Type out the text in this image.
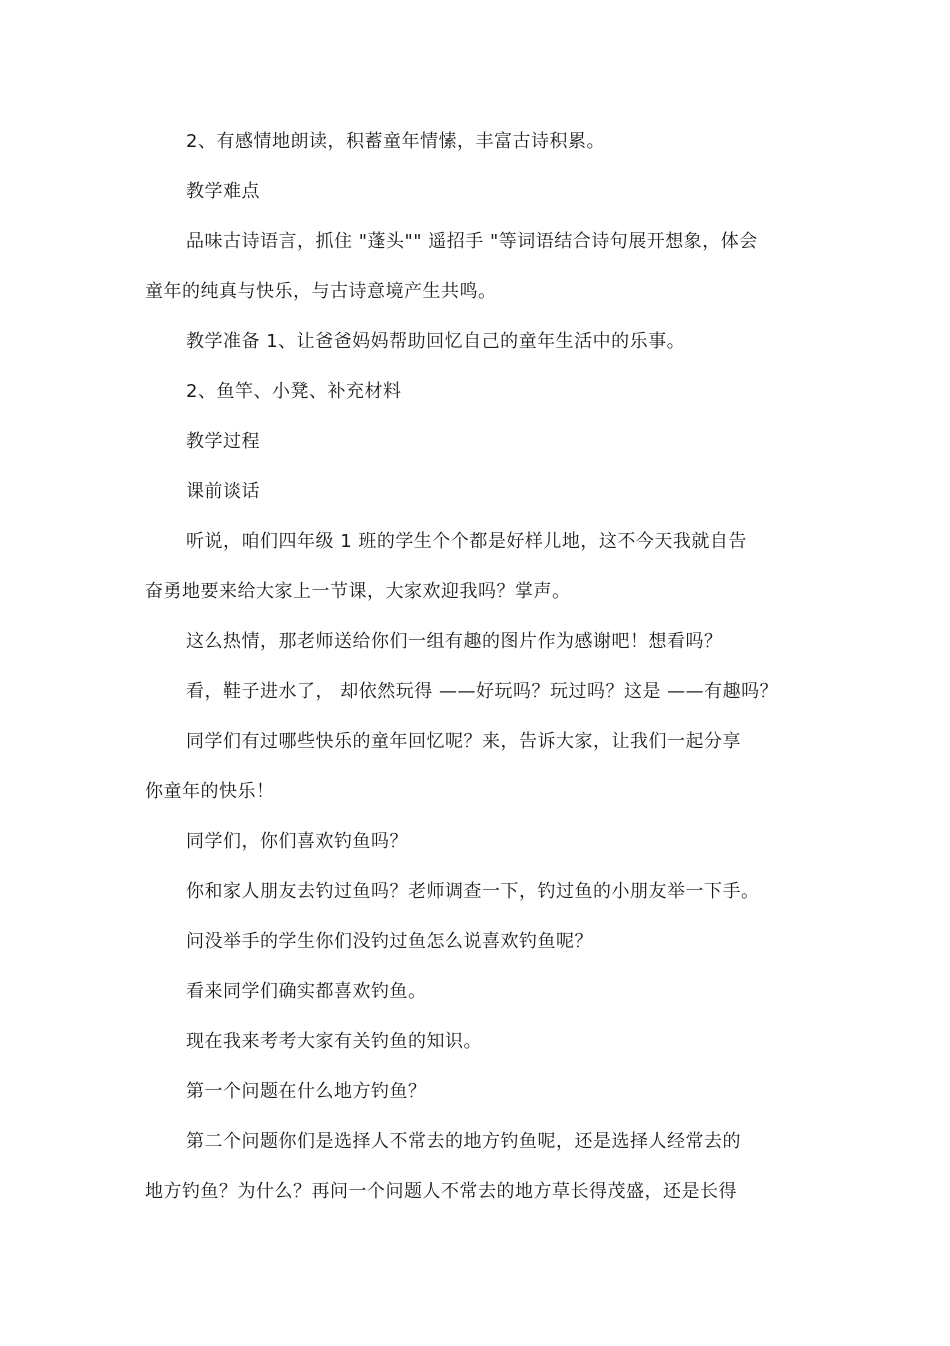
2、有感情地朗读，积蓄童年情愫，丰富古诗积累。
教学难点
品味古诗语言，抓住 "蓬头"" 遥招手 "等词语结合诗句展开想象，体会
童年的纯真与快乐，与古诗意境产生共鸣。
教学准备 1、让爸爸妈妈帮助回忆自己的童年生活中的乐事。
2、鱼竿、小凳、补充材料
教学过程
课前谈话
听说，咱们四年级 1 班的学生个个都是好样儿地，这不今天我就自告
奋勇地要来给大家上一节课，大家欢迎我吗？掌声。
这么热情，那老师送给你们一组有趣的图片作为感谢吧！想看吗？
看，鞋子进水了， 却依然玩得 ——好玩吗？玩过吗？这是 ——有趣吗？
同学们有过哪些快乐的童年回忆呢？来，告诉大家，让我们一起分享
你童年的快乐！
同学们，你们喜欢钓鱼吗？
你和家人朋友去钓过鱼吗？老师调查一下，钓过鱼的小朋友举一下手。
问没举手的学生你们没钓过鱼怎么说喜欢钓鱼呢？
看来同学们确实都喜欢钓鱼。
现在我来考考大家有关钓鱼的知识。
第一个问题在什么地方钓鱼？
第二个问题你们是选择人不常去的地方钓鱼呢，还是选择人经常去的
地方钓鱼？为什么？再问一个问题人不常去的地方草长得茂盛，还是长得
